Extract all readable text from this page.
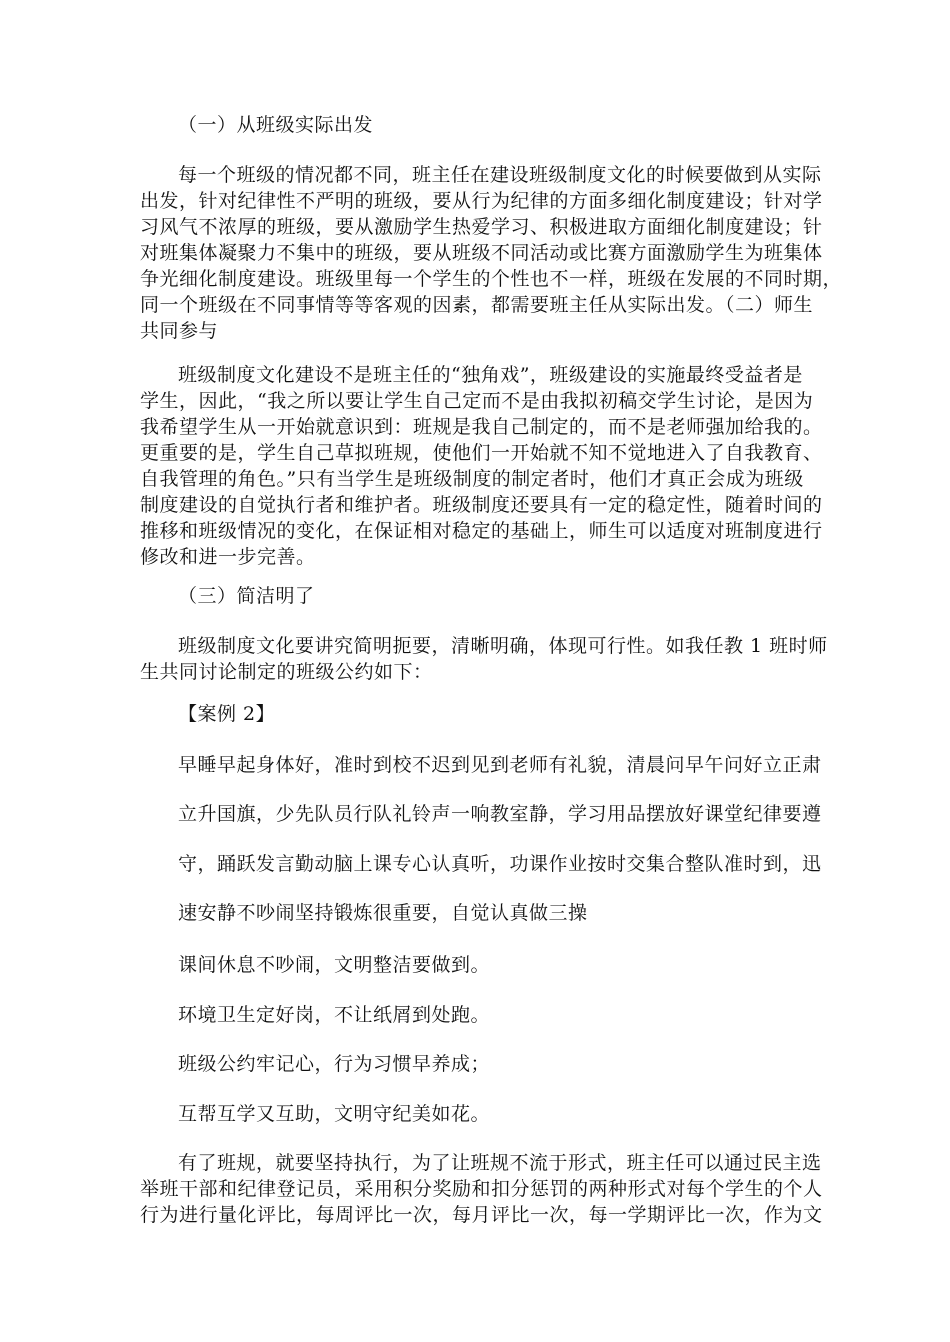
（一）从班级实际出发
每一个班级的情况都不同，班主任在建设班级制度文化的时候要做到从实际
出发，针对纪律性不严明的班级，要从行为纪律的方面多细化制度建设；针对学
习风气不浓厚的班级，要从激励学生热爱学习、积极进取方面细化制度建设；针
对班集体凝聚力不集中的班级，要从班级不同活动或比赛方面激励学生为班集体
争光细化制度建设。班级里每一个学生的个性也不一样，班级在发展的不同时期，
同一个班级在不同事情等等客观的因素，都需要班主任从实际出发。（二）师生
共同参与
班级制度文化建设不是班主任的“独角戏”，班级建设的实施最终受益者是
学生，因此，“我之所以要让学生自己定而不是由我拟初稿交学生讨论，是因为
我希望学生从一开始就意识到：班规是我自己制定的，而不是老师强加给我的。
更重要的是，学生自己草拟班规，使他们一开始就不知不觉地进入了自我教育、
自我管理的角色。”只有当学生是班级制度的制定者时，他们才真正会成为班级
制度建设的自觉执行者和维护者。班级制度还要具有一定的稳定性，随着时间的
推移和班级情况的变化，在保证相对稳定的基础上，师生可以适度对班制度进行
修改和进一步完善。
（三）简洁明了
班级制度文化要讲究简明扼要，清晰明确，体现可行性。如我任教 1 班时师
生共同讨论制定的班级公约如下：
【案例 2】
早睡早起身体好，准时到校不迟到见到老师有礼貌，清晨问早午问好立正肃
立升国旗，少先队员行队礼铃声一响教室静，学习用品摆放好课堂纪律要遵
守，踊跃发言勤动脑上课专心认真听，功课作业按时交集合整队准时到，迅
速安静不吵闹坚持锻炼很重要，自觉认真做三操
课间休息不吵闹，文明整洁要做到。
环境卫生定好岗，不让纸屑到处跑。
班级公约牢记心，行为习惯早养成；
互帮互学又互助，文明守纪美如花。
有了班规，就要坚持执行，为了让班规不流于形式，班主任可以通过民主选
举班干部和纪律登记员，采用积分奖励和扣分惩罚的两种形式对每个学生的个人
行为进行量化评比，每周评比一次，每月评比一次，每一学期评比一次，作为文
